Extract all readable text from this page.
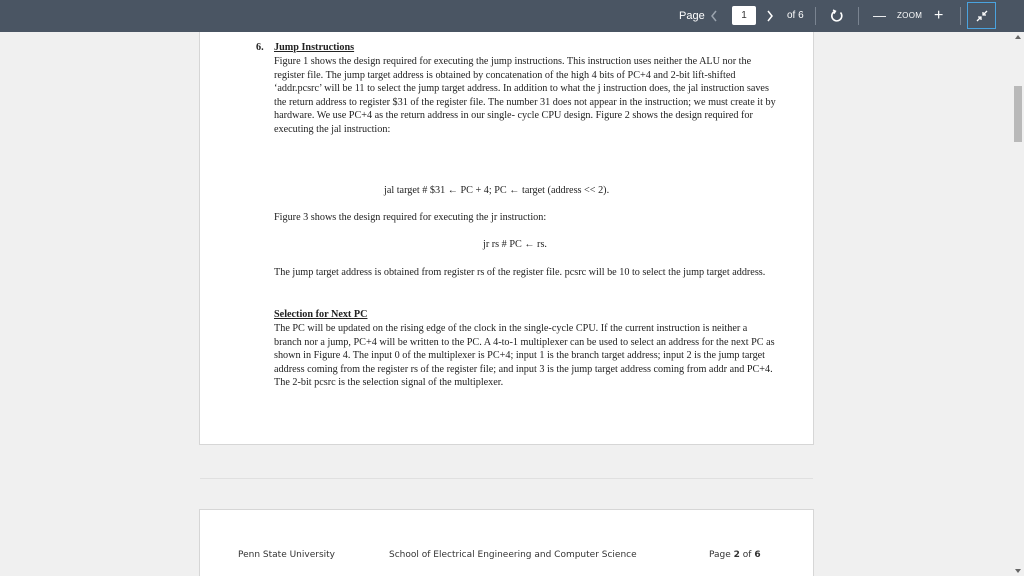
Page	1	of 6	— ZOOM +
6. Jump Instructions

Figure 1 shows the design required for executing the jump instructions. This instruction uses neither the ALU nor the register file. The jump target address is obtained by concatenation of the high 4 bits of PC+4 and 2-bit lift-shifted ‘addr.pcsrc’ will be 11 to select the jump target address. In addition to what the j instruction does, the jal instruction saves the return address to register $31 of the register file. The number 31 does not appear in the instruction; we must create it by hardware. We use PC+4 as the return address in our single- cycle CPU design. Figure 2 shows the design required for executing the jal instruction:

jal target # $31 ← PC + 4; PC ← target (address << 2).

Figure 3 shows the design required for executing the jr instruction:

jr rs # PC ← rs.

The jump target address is obtained from register rs of the register file. pcsrc will be 10 to select the jump target address.

Selection for Next PC

The PC will be updated on the rising edge of the clock in the single-cycle CPU. If the current instruction is neither a branch nor a jump, PC+4 will be written to the PC. A 4-to-1 multiplexer can be used to select an address for the next PC as shown in Figure 4. The input 0 of the multiplexer is PC+4; input 1 is the branch target address; input 2 is the jump target address coming from the register rs of the register file; and input 3 is the jump target address coming from addr and PC+4. The 2-bit pcsrc is the selection signal of the multiplexer.

Penn State University	School of Electrical Engineering and Computer Science	Page 2 of 6
